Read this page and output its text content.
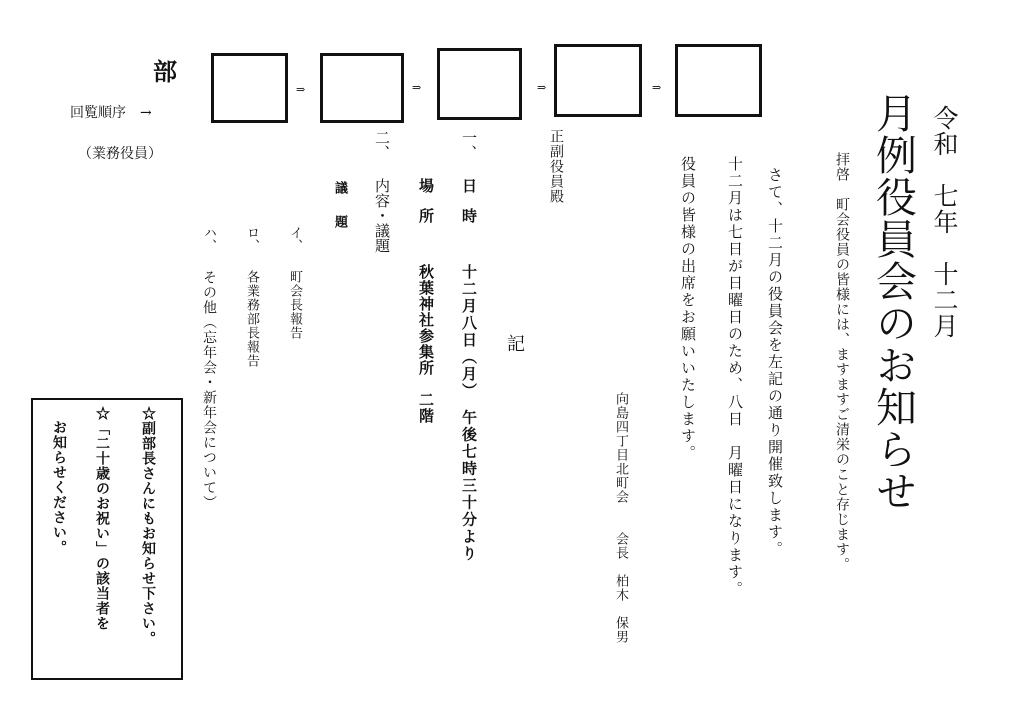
部
回覧順序　→
（業務役員）
⇒	⇒	⇒	⇒
令和　七年　十二月
月例役員会のお知らせ
拝啓　町会役員の皆様には、ますますご清栄のこと存じます。
さて、十二月の役員会を左記の通り開催致します。
十二月は七日が日曜日のため、八日　月曜日になります。
役員の皆様の出席をお願いいたします。
向島四丁目北町会　　会長　柏木　保男
正副役員殿
記
一、
日　時
十二月八日（月）　午後七時三十分より
場　所
秋葉神社参集所　二階
二、
内容・議題
議　題
イ、
町会長報告
ロ、
各業務部長報告
ハ、
その他（忘年会・新年会について）
☆副部長さんにもお知らせ下さい。
☆「二十歳のお祝い」の該当者を
お知らせください。
